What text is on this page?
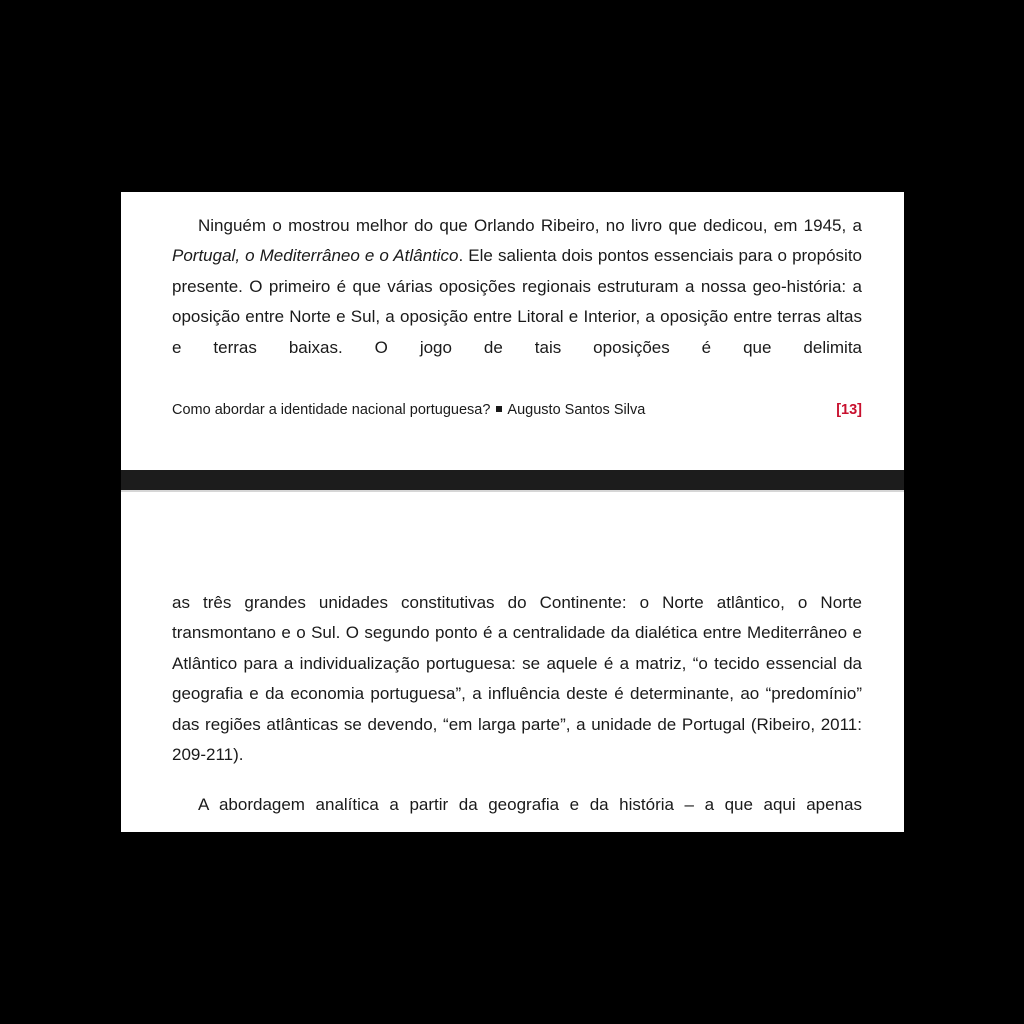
Ninguém o mostrou melhor do que Orlando Ribeiro, no livro que dedicou, em 1945, a Portugal, o Mediterrâneo e o Atlântico. Ele salienta dois pontos essenciais para o propósito presente. O primeiro é que várias oposições regionais estruturam a nossa geo-história: a oposição entre Norte e Sul, a oposição entre Litoral e Interior, a oposição entre terras altas e terras baixas. O jogo de tais oposições é que delimita

Como abordar a identidade nacional portuguesa? Augusto Santos Silva	[13]

as três grandes unidades constitutivas do Continente: o Norte atlântico, o Norte transmontano e o Sul. O segundo ponto é a centralidade da dialética entre Mediterrâneo e Atlântico para a individualização portuguesa: se aquele é a matriz, “o tecido essencial da geografia e da economia portuguesa”, a influência deste é determinante, ao “predomínio” das regiões atlânticas se devendo, “em larga parte”, a unidade de Portugal (Ribeiro, 2011: 209-211).

A abordagem analítica a partir da geografia e da história – a que aqui apenas
